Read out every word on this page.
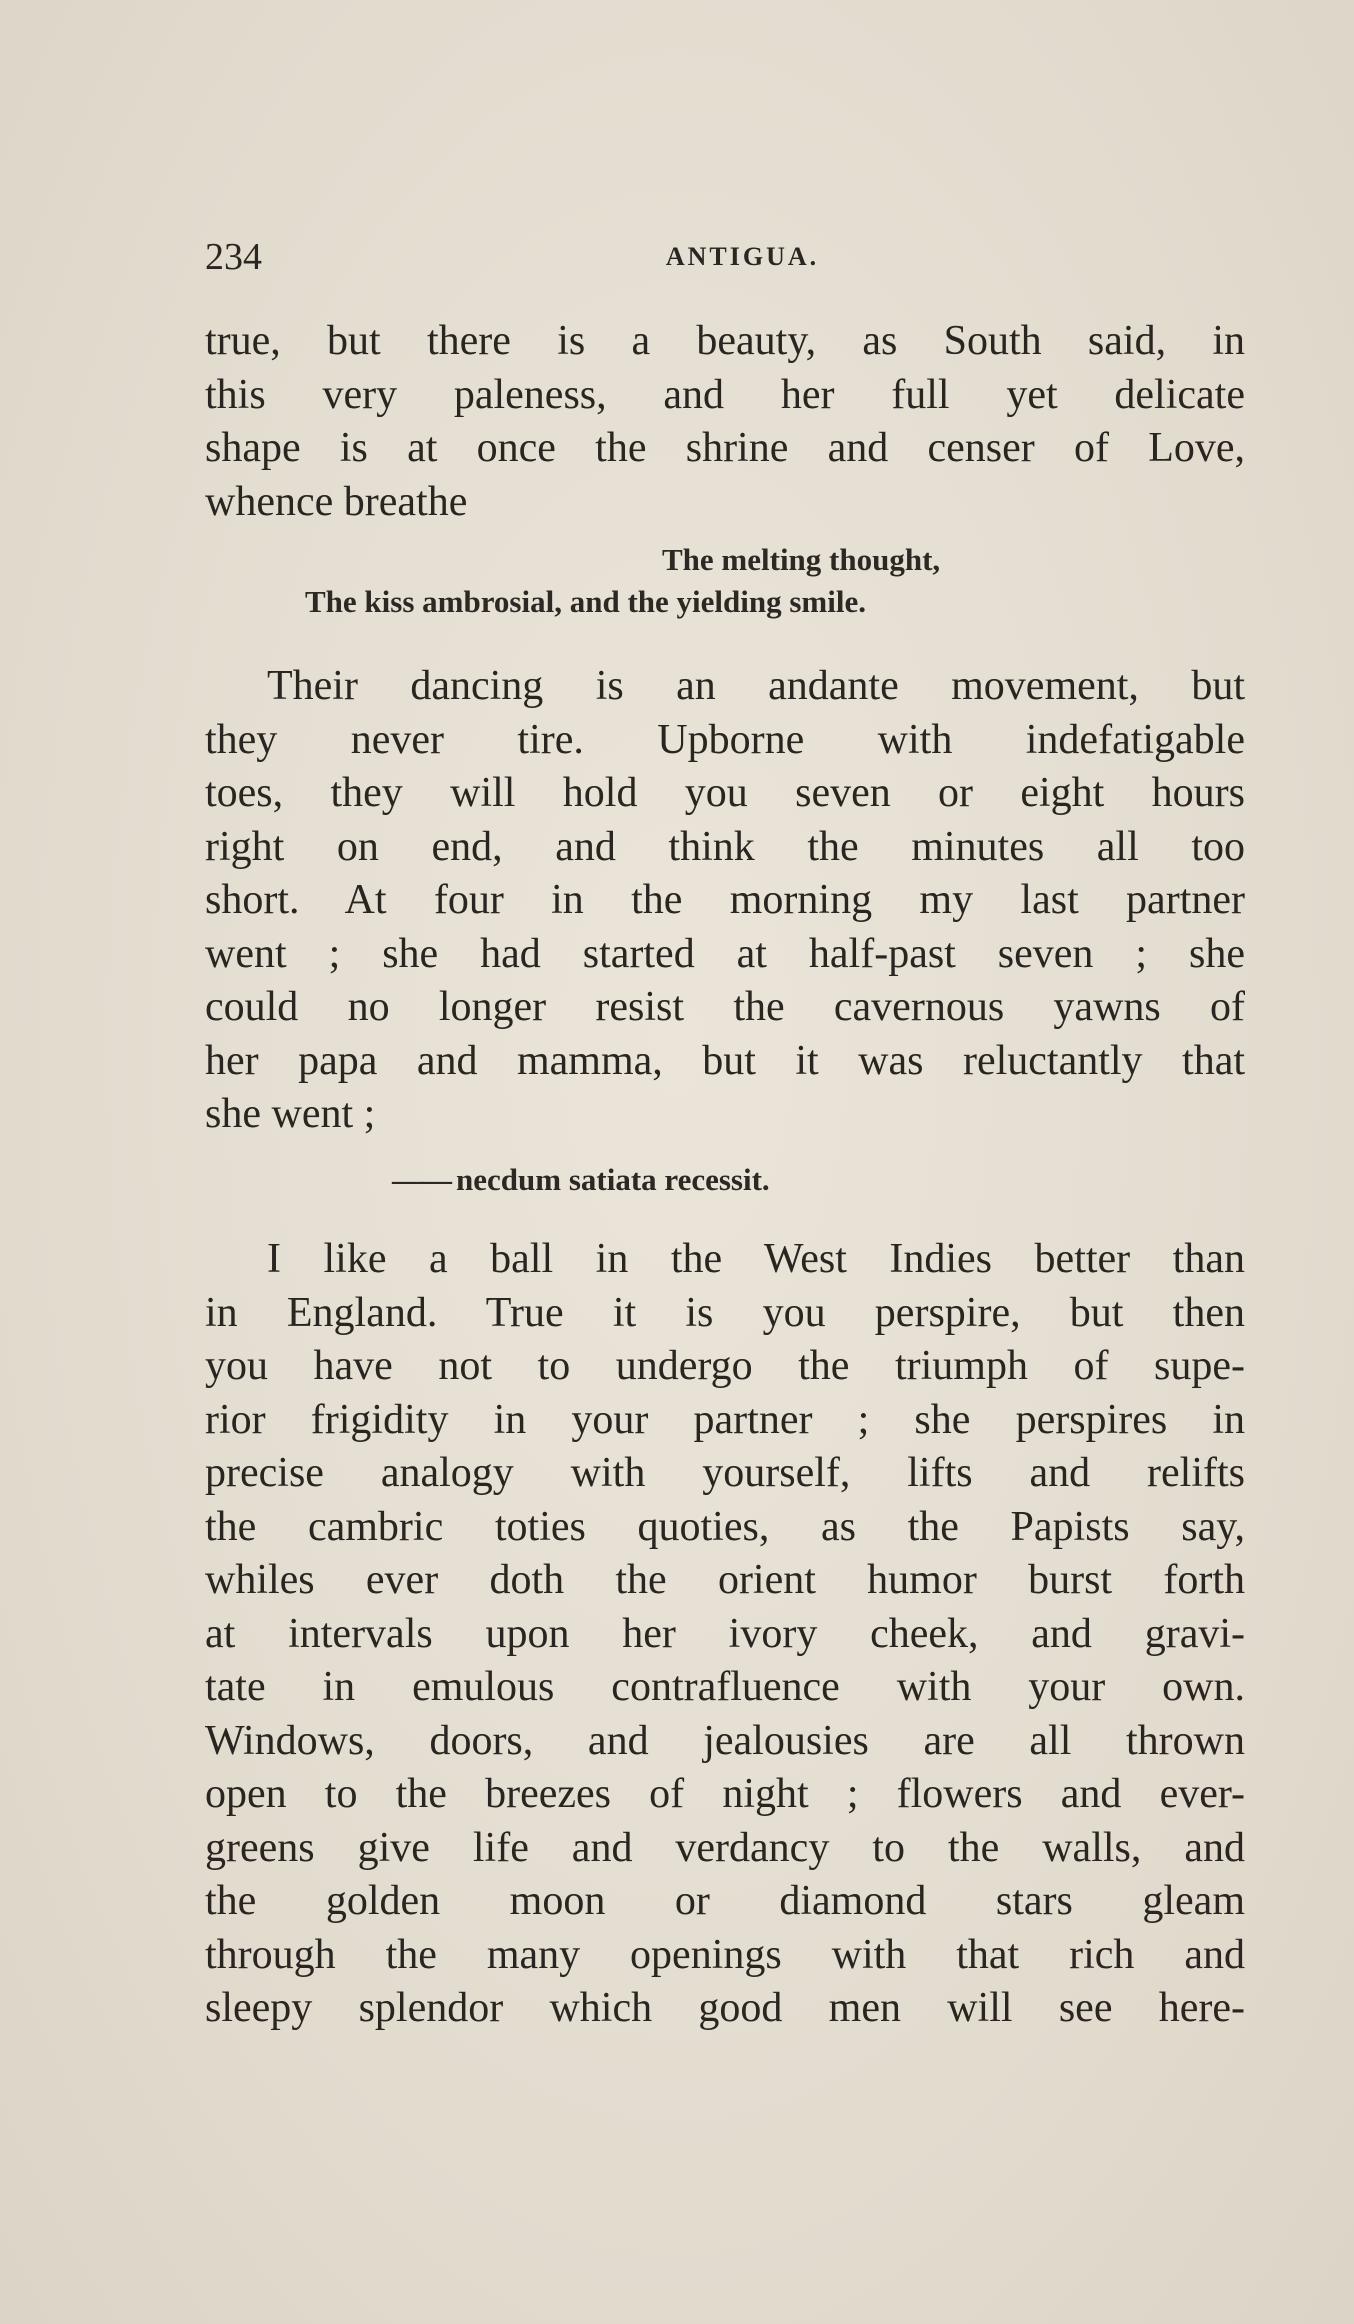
234	ANTIGUA.
true, but there is a beauty, as South said, in
this very paleness, and her full yet delicate
shape is at once the shrine and censer of Love,
whence breathe
The melting thought,
The kiss ambrosial, and the yielding smile.
Their dancing is an andante movement, but
they never tire. Upborne with indefatigable
toes, they will hold you seven or eight hours
right on end, and think the minutes all too
short. At four in the morning my last partner
went ; she had started at half-past seven ; she
could no longer resist the cavernous yawns of
her papa and mamma, but it was reluctantly that
she went ;
—— necdum satiata recessit.
I like a ball in the West Indies better than
in England. True it is you perspire, but then
you have not to undergo the triumph of supe-
rior frigidity in your partner ; she perspires in
precise analogy with yourself, lifts and relifts
the cambric toties quoties, as the Papists say,
whiles ever doth the orient humor burst forth
at intervals upon her ivory cheek, and gravi-
tate in emulous contrafluence with your own.
Windows, doors, and jealousies are all thrown
open to the breezes of night ; flowers and ever-
greens give life and verdancy to the walls, and
the golden moon or diamond stars gleam
through the many openings with that rich and
sleepy splendor which good men will see here-
